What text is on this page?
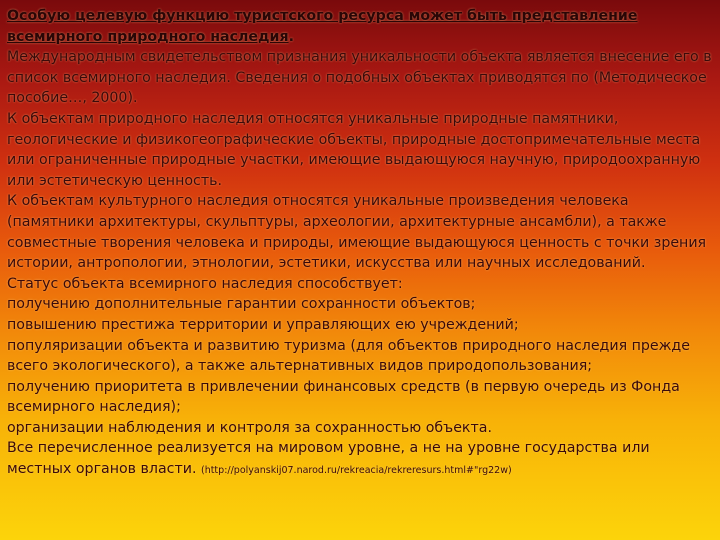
Особую целевую функцию туристского ресурса может быть представление всемирного природного наследия.

Международным свидетельством признания уникальности объекта является внесение его в список всемирного наследия. Сведения о подобных объектах приводятся по (Методическое пособие…, 2000).

К объектам природного наследия относятся уникальные природные памятники, геологические и физикогеографические объекты, природные достопримечательные места или ограниченные природные участки, имеющие выдающуюся научную, природоохранную или эстетическую ценность.

К объектам культурного наследия относятся уникальные произведения человека (памятники архитектуры, скульптуры, археологии, архитектурные ансамбли), а также совместные творения человека и природы, имеющие выдающуюся ценность с точки зрения истории, антропологии, этнологии, эстетики, искусства или научных исследований.

Статус объекта всемирного наследия способствует:

получению дополнительные гарантии сохранности объектов;

повышению престижа территории и управляющих ею учреждений;

популяризации объекта и развитию туризма (для объектов природного наследия прежде всего экологического), а также альтернативных видов природопользования;

получению приоритета в привлечении финансовых средств (в первую очередь из Фонда всемирного наследия);

организации наблюдения и контроля за сохранностью объекта.

Все перечисленное реализуется на мировом уровне, а не на уровне государства или местных органов власти. (http://polyanskij07.narod.ru/rekreacia/rekreresurs.html#"rg22w)
